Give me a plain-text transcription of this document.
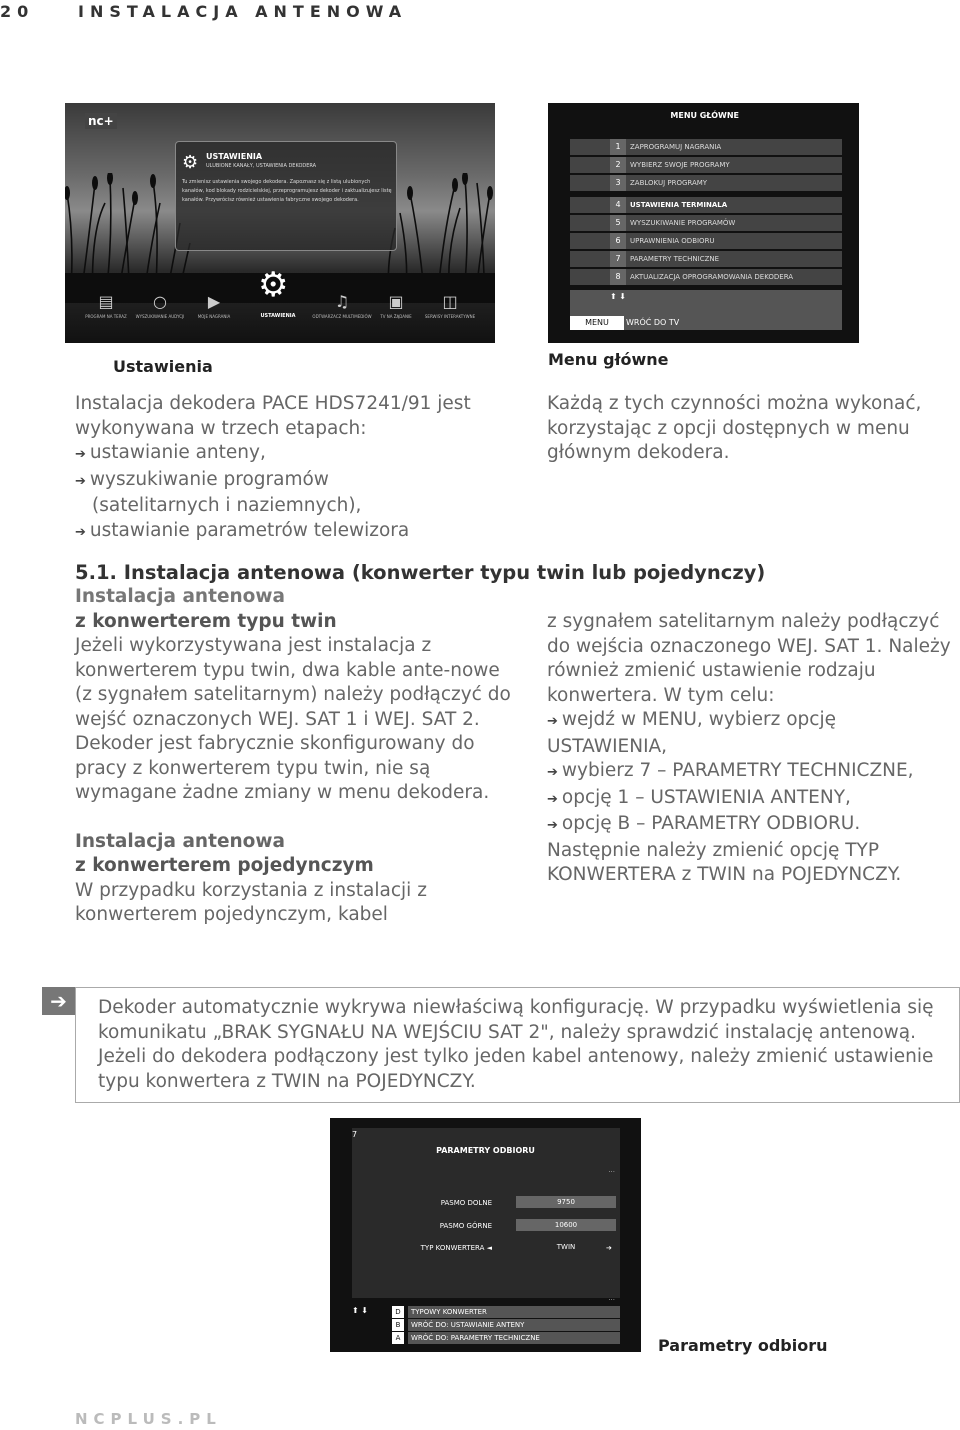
20	INSTALACJA ANTENOWA
nc+
⚙ USTAWIENIA
ULUBIONE KANAŁY, USTAWIENIA DEKODERA
Tu zmienisz ustawienia swojego dekodera. Zapoznasz się z listą ulubionych kanałów, kod blokady rodzicielskiej, przeprogramujesz dekoder i zaktualizujesz listę kanałów. Przywrócisz również ustawienia fabryczne swojego dekodera.
▤ ○	▶ ⚙	♫ ▣ ◫
PROGRAM NA TERAZ	WYSZUKIWANIE AUDYCJI	MOJE NAGRANIA	USTAWIENIA	ODTWARZACZ MULTIMEDIÓW	TV NA ŻĄDANIE	SERWISY INTERAKTYWNE
MENU GŁÓWNE
1	ZAPROGRAMUJ NAGRANIA
2	WYBIERZ SWOJE PROGRAMY
3	ZABLOKUJ PROGRAMY
4	USTAWIENIA TERMINALA
5	WYSZUKIWANIE PROGRAMÓW
6	UPRAWNIENIA ODBIORU
7	PARAMETRY TECHNICZNE
8	AKTUALIZACJA OPROGRAMOWANIA DEKODERA
⬆ ⬇
MENU	WRÓĆ DO TV
Ustawienia	Menu główne
Instalacja dekodera PACE HDS7241/91 jest wykonywana w trzech etapach:
➔ ustawianie anteny,
➔ wyszukiwanie programów
(satelitarnych i naziemnych),
➔ ustawianie parametrów telewizora
Każdą z tych czynności można wykonać, korzystając z opcji dostępnych w menu głównym dekodera.
5.1. Instalacja antenowa (konwerter typu twin lub pojedynczy)
Instalacja antenowa
z konwerterem typu twin
Jeżeli wykorzystywana jest instalacja z konwerterem typu twin, dwa kable ante-nowe (z sygnałem satelitarnym) należy podłączyć do wejść oznaczonych WEJ. SAT 1 i WEJ. SAT 2. Dekoder jest fabrycznie skonfigurowany do pracy z konwerterem typu twin, nie są wymagane żadne zmiany w menu dekodera.
Instalacja antenowa
z konwerterem pojedynczym
W przypadku korzystania z instalacji z konwerterem pojedynczym, kabel
z sygnałem satelitarnym należy podłączyć do wejścia oznaczonego WEJ. SAT 1. Należy również zmienić ustawienie rodzaju konwertera. W tym celu:
➔ wejdź w MENU, wybierz opcję USTAWIENIA,
➔ wybierz 7 – PARAMETRY TECHNICZNE,
➔ opcję 1 – USTAWIENIA ANTENY,
➔ opcję B – PARAMETRY ODBIORU.
Następnie należy zmienić opcję TYP KONWERTERA z TWIN na POJEDYNCZY.
➔	Dekoder automatycznie wykrywa niewłaściwą konfigurację. W przypadku wyświetlenia się komunikatu „BRAK SYGNAŁU NA WEJŚCIU SAT 2", należy sprawdzić instalację antenową. Jeżeli do dekodera podłączony jest tylko jeden kabel antenowy, należy zmienić ustawienie typu konwertera z TWIN na POJEDYNCZY.
7
PARAMETRY ODBIORU
...
PASMO DOLNE	9750
PASMO GÓRNE	10600
TYP KONWERTERA ◄	TWIN	➔
...
⬆ ⬇	D	TYPOWY KONWERTER
B	WRÓĆ DO: USTAWIANIE ANTENY
A	WRÓĆ DO: PARAMETRY TECHNICZNE	Parametry odbioru
NCPLUS.PL
